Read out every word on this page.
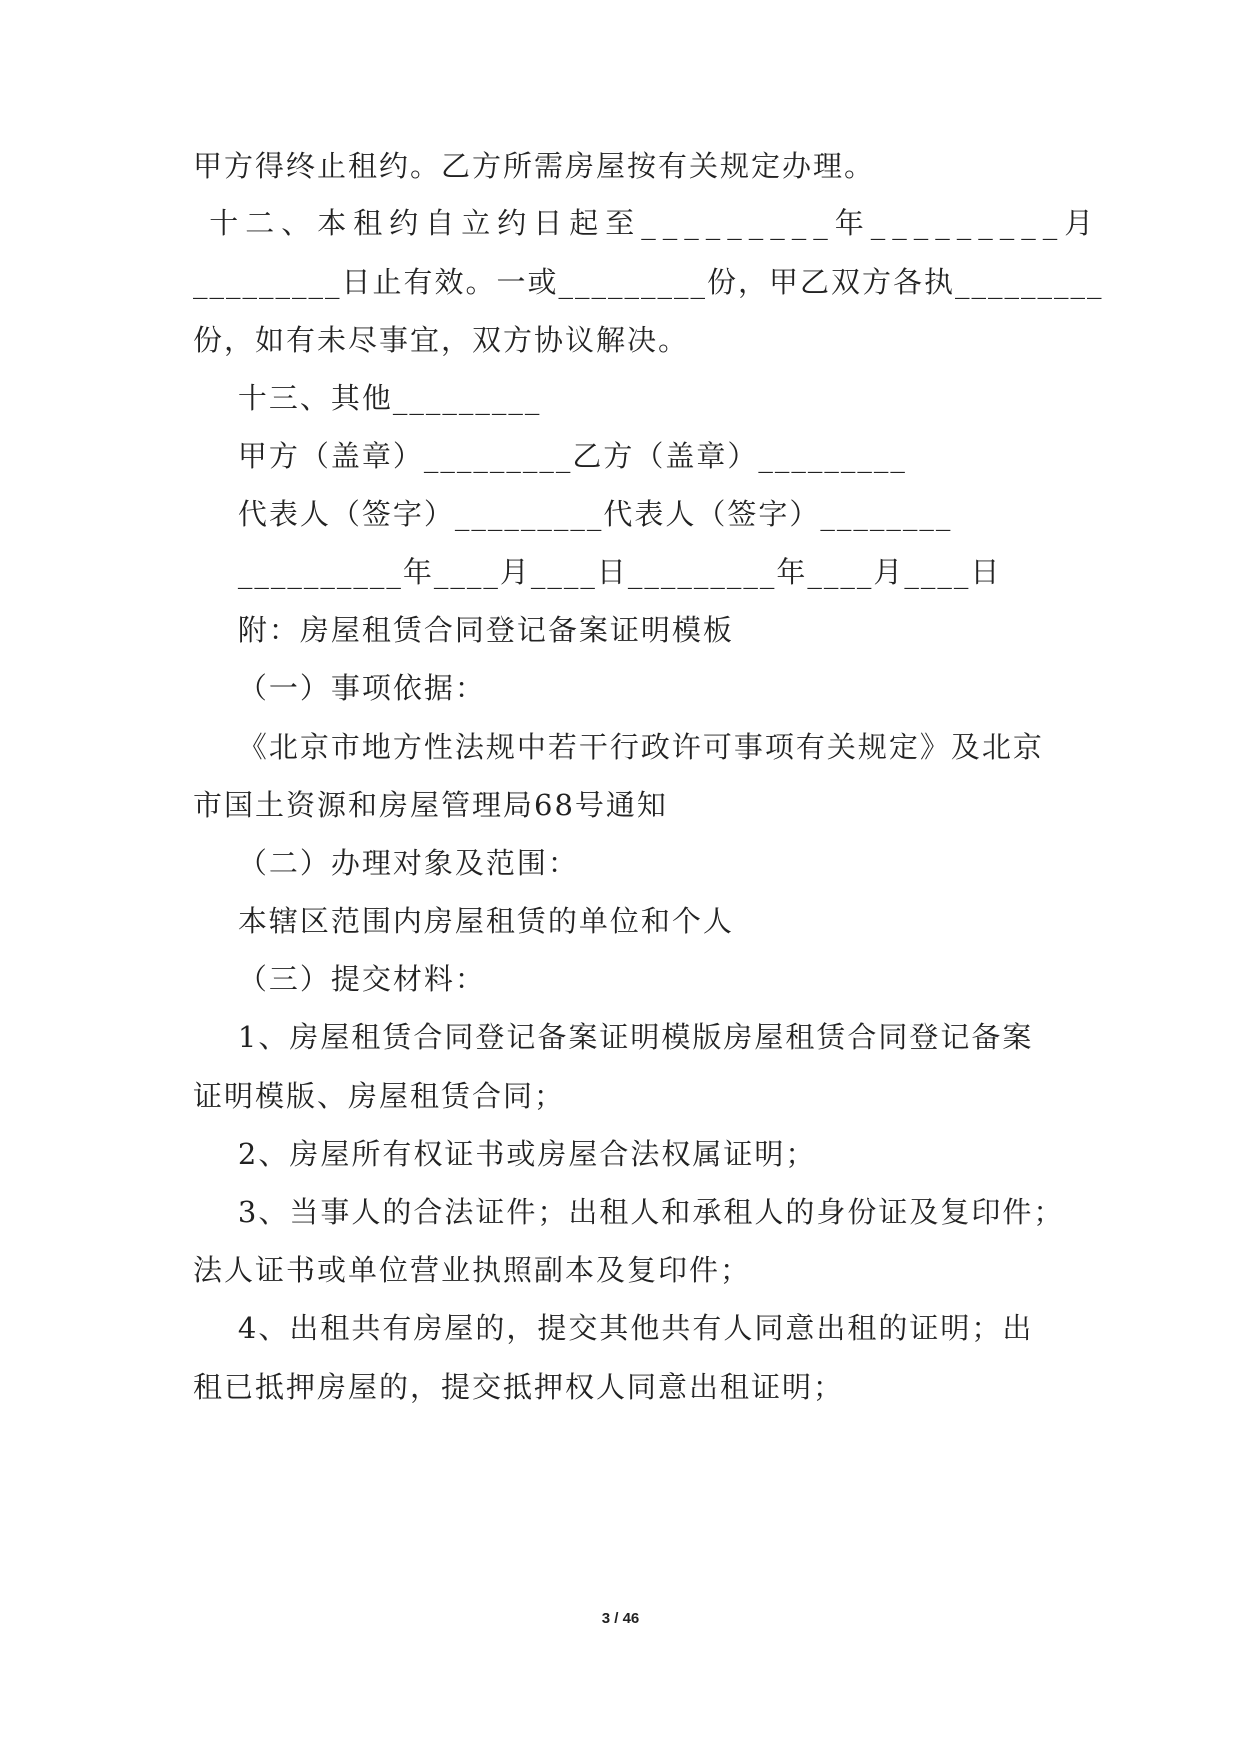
甲方得终止租约。乙方所需房屋按有关规定办理。
十二、本租约自立约日起至_________年_________月
_________日止有效。一或_________份，甲乙双方各执_________
份，如有未尽事宜，双方协议解决。
十三、其他_________
甲方（盖章）_________乙方（盖章）_________
代表人（签字）_________代表人（签字）________
__________年____月____日_________年____月____日
附：房屋租赁合同登记备案证明模板
（一）事项依据：
《北京市地方性法规中若干行政许可事项有关规定》及北京
市国土资源和房屋管理局68号通知
（二）办理对象及范围：
本辖区范围内房屋租赁的单位和个人
（三）提交材料：
1、房屋租赁合同登记备案证明模版房屋租赁合同登记备案
证明模版、房屋租赁合同；
2、房屋所有权证书或房屋合法权属证明；
3、当事人的合法证件；出租人和承租人的身份证及复印件；
法人证书或单位营业执照副本及复印件；
4、出租共有房屋的，提交其他共有人同意出租的证明；出
租已抵押房屋的，提交抵押权人同意出租证明；
3 / 46
